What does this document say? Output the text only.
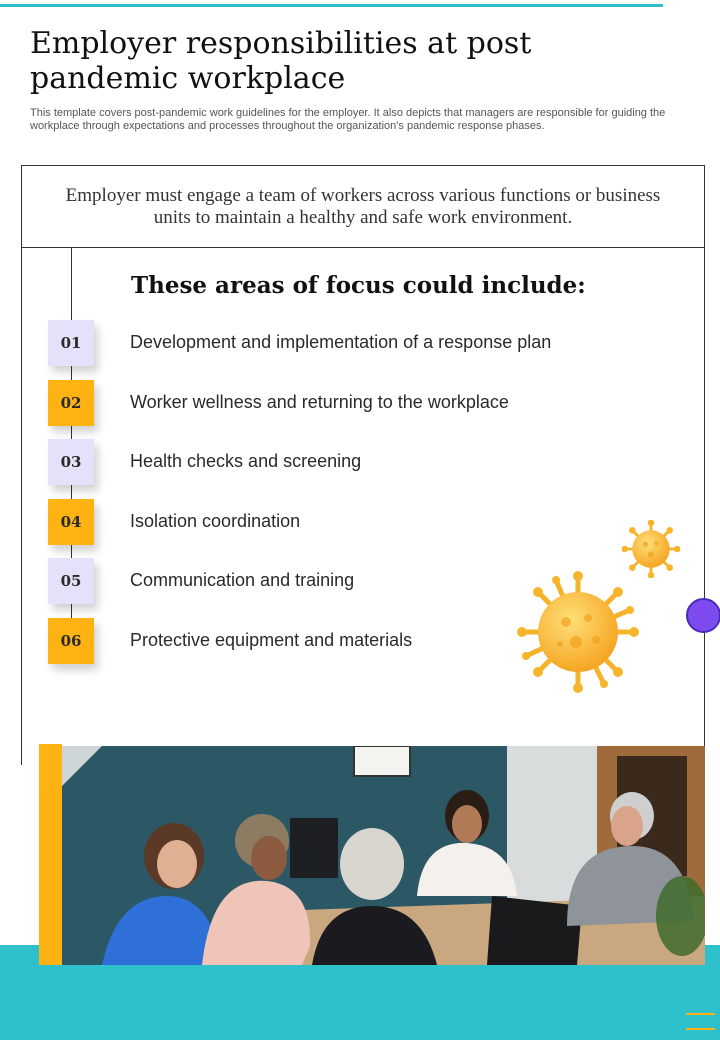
Employer responsibilities at post pandemic workplace

This template covers post-pandemic work guidelines for the employer. It also depicts that managers are responsible for guiding the workplace through expectations and processes throughout the organization's pandemic response phases.

Employer must engage a team of workers across various functions or business units to maintain a healthy and safe work environment.

These areas of focus could include:
01	Development and implementation of a response plan
02	Worker wellness and returning to the workplace
03	Health checks and screening
04	Isolation coordination
05	Communication and training
06	Protective equipment and materials
